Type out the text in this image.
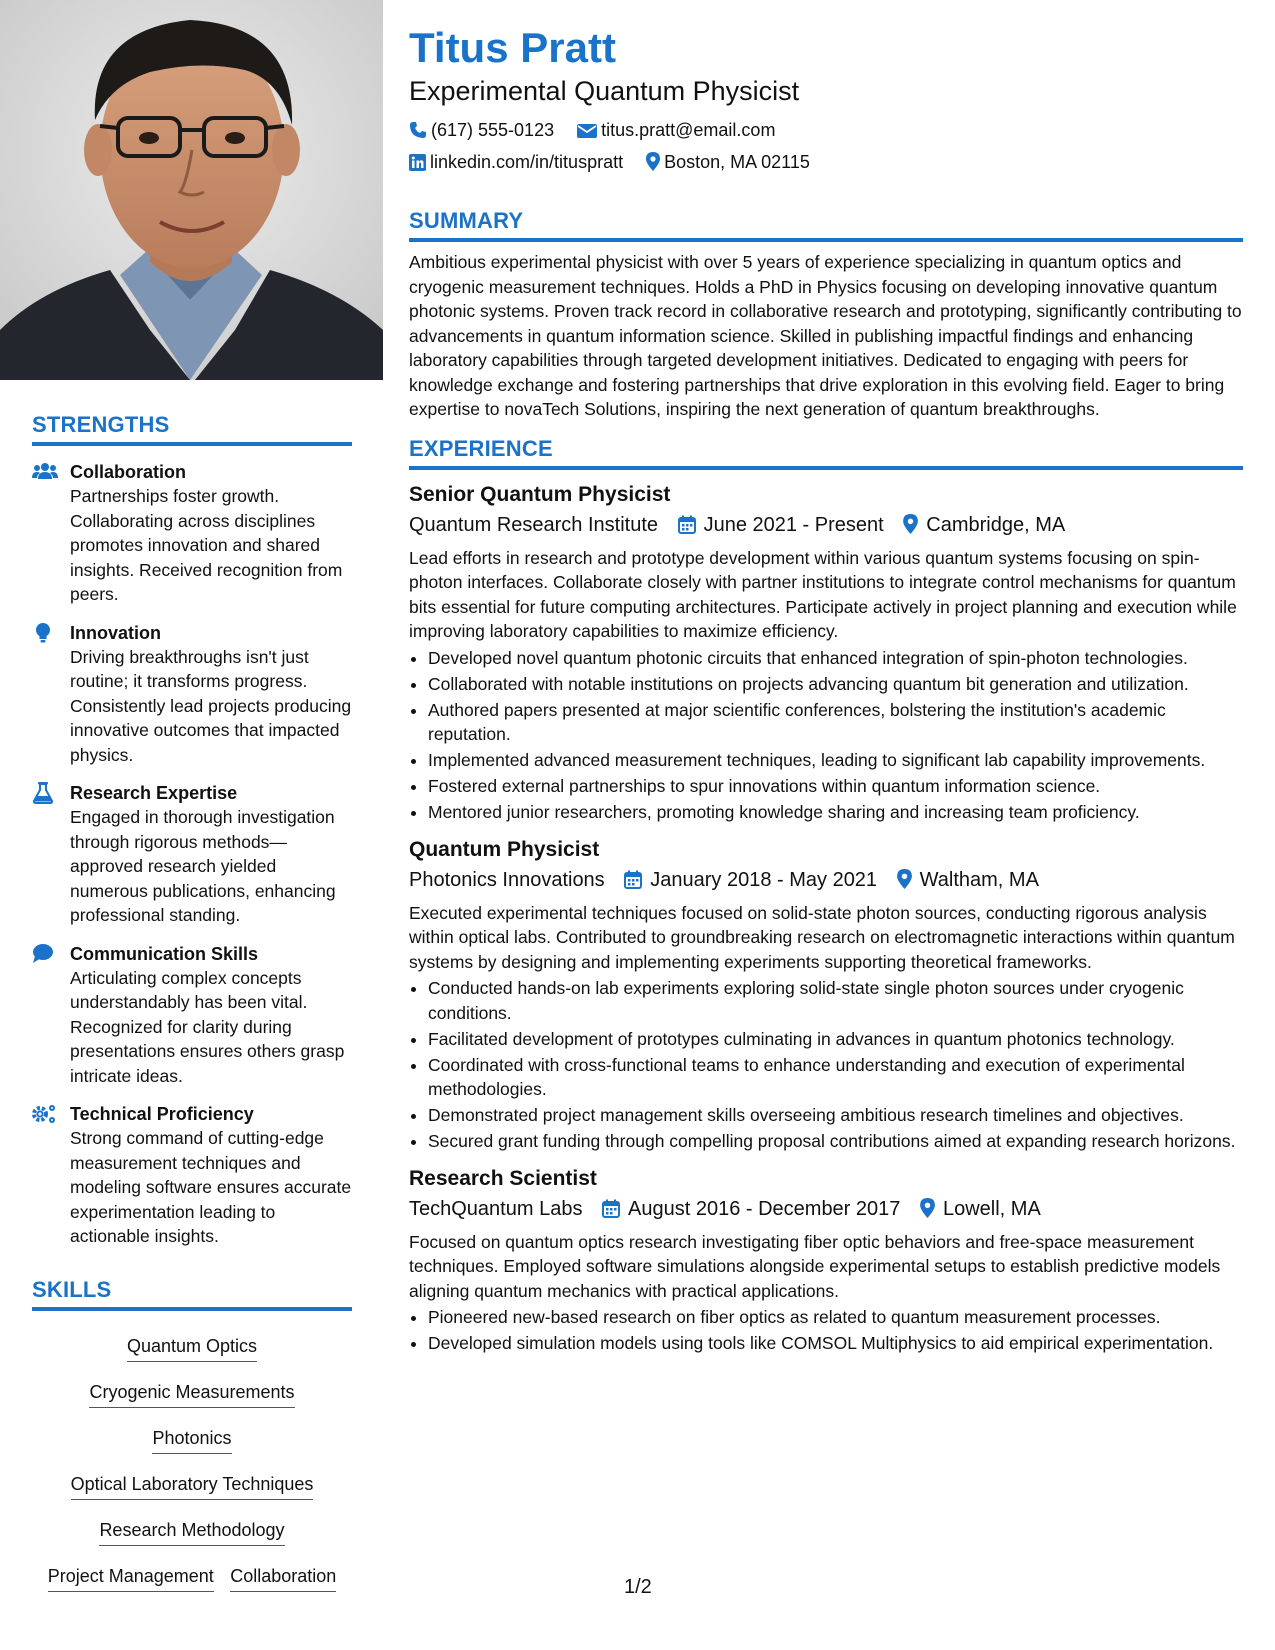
STRENGTHS
Collaboration
Partnerships foster growth. Collaborating across disciplines promotes innovation and shared insights. Received recognition from peers.
Innovation
Driving breakthroughs isn't just routine; it transforms progress. Consistently lead projects producing innovative outcomes that impacted physics.
Research Expertise
Engaged in thorough investigation through rigorous methods—approved research yielded numerous publications, enhancing professional standing.
Communication Skills
Articulating complex concepts understandably has been vital. Recognized for clarity during presentations ensures others grasp intricate ideas.
Technical Proficiency
Strong command of cutting-edge measurement techniques and modeling software ensures accurate experimentation leading to actionable insights.
SKILLS
Quantum Optics
Cryogenic Measurements
Photonics
Optical Laboratory Techniques
Research Methodology
Project Management Collaboration
Titus Pratt
Experimental Quantum Physicist
(617) 555-0123	titus.pratt@email.com
linkedin.com/in/tituspratt Boston, MA 02115
SUMMARY
Ambitious experimental physicist with over 5 years of experience specializing in quantum optics and cryogenic measurement techniques. Holds a PhD in Physics focusing on developing innovative quantum photonic systems. Proven track record in collaborative research and prototyping, significantly contributing to advancements in quantum information science. Skilled in publishing impactful findings and enhancing laboratory capabilities through targeted development initiatives. Dedicated to engaging with peers for knowledge exchange and fostering partnerships that drive exploration in this evolving field. Eager to bring expertise to novaTech Solutions, inspiring the next generation of quantum breakthroughs.
EXPERIENCE
Senior Quantum Physicist
Quantum Research Institute June 2021 - Present Cambridge, MA
Lead efforts in research and prototype development within various quantum systems focusing on spin-photon interfaces. Collaborate closely with partner institutions to integrate control mechanisms for quantum bits essential for future computing architectures. Participate actively in project planning and execution while improving laboratory capabilities to maximize efficiency.
• Developed novel quantum photonic circuits that enhanced integration of spin-photon technologies.
• Collaborated with notable institutions on projects advancing quantum bit generation and utilization.
• Authored papers presented at major scientific conferences, bolstering the institution's academic reputation.
• Implemented advanced measurement techniques, leading to significant lab capability improvements.
• Fostered external partnerships to spur innovations within quantum information science.
• Mentored junior researchers, promoting knowledge sharing and increasing team proficiency.
Quantum Physicist
Photonics Innovations January 2018 - May 2021 Waltham, MA
Executed experimental techniques focused on solid-state photon sources, conducting rigorous analysis within optical labs. Contributed to groundbreaking research on electromagnetic interactions within quantum systems by designing and implementing experiments supporting theoretical frameworks.
• Conducted hands-on lab experiments exploring solid-state single photon sources under cryogenic conditions.
• Facilitated development of prototypes culminating in advances in quantum photonics technology.
• Coordinated with cross-functional teams to enhance understanding and execution of experimental methodologies.
• Demonstrated project management skills overseeing ambitious research timelines and objectives.
• Secured grant funding through compelling proposal contributions aimed at expanding research horizons.
Research Scientist
TechQuantum Labs August 2016 - December 2017 Lowell, MA
Focused on quantum optics research investigating fiber optic behaviors and free-space measurement techniques. Employed software simulations alongside experimental setups to establish predictive models aligning quantum mechanics with practical applications.
• Pioneered new-based research on fiber optics as related to quantum measurement processes.
• Developed simulation models using tools like COMSOL Multiphysics to aid empirical experimentation.
1/2
